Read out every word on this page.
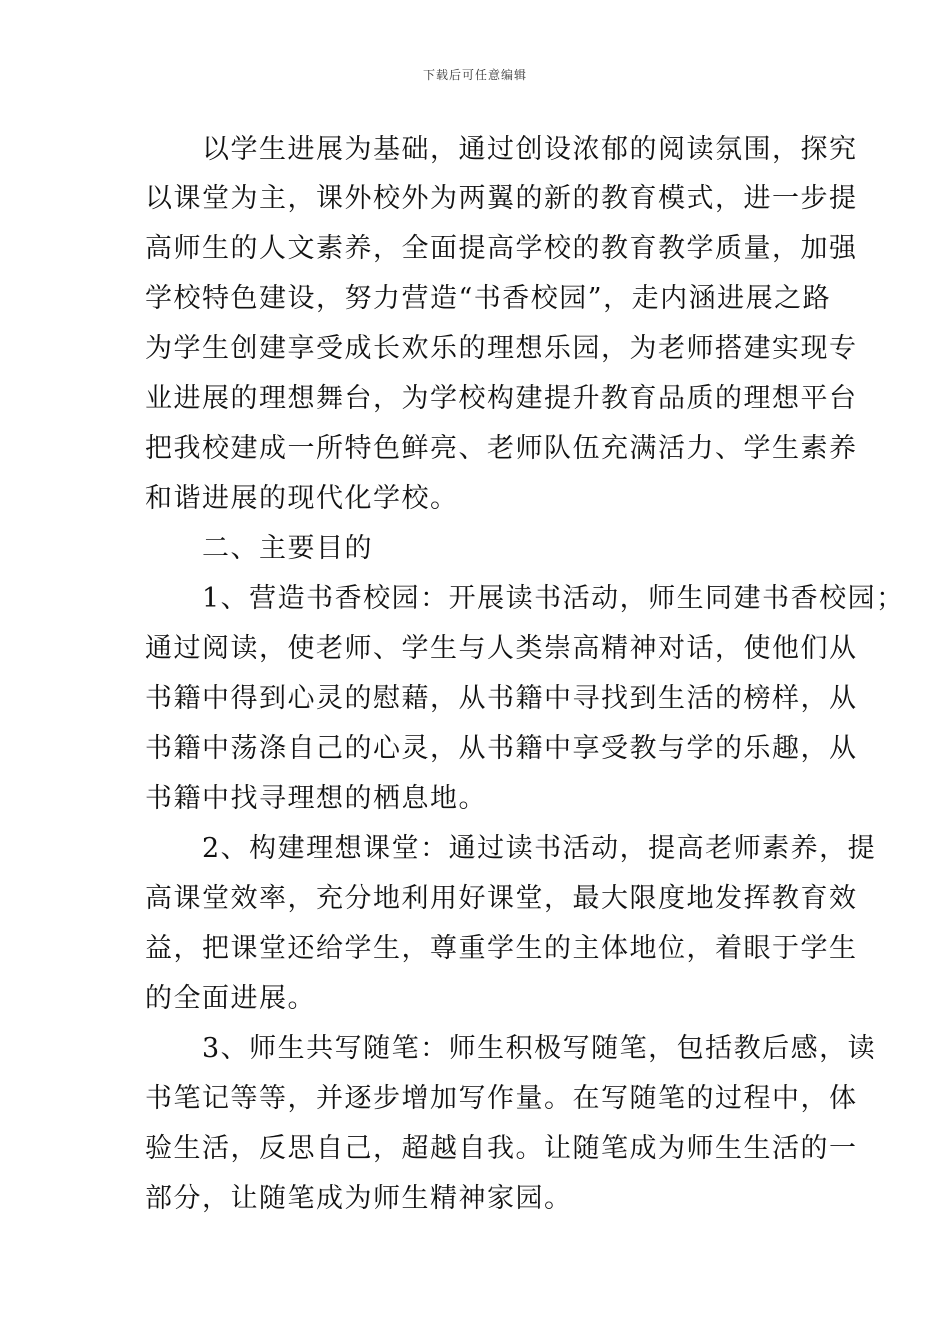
下载后可任意编辑
　　以学生进展为基础，通过创设浓郁的阅读氛围，探究
以课堂为主，课外校外为两翼的新的教育模式，进一步提
高师生的人文素养，全面提高学校的教育教学质量，加强
学校特色建设，努力营造“书香校园”，走内涵进展之路
为学生创建享受成长欢乐的理想乐园，为老师搭建实现专
业进展的理想舞台，为学校构建提升教育品质的理想平台
把我校建成一所特色鲜亮、老师队伍充满活力、学生素养
和谐进展的现代化学校。
　　二、主要目的
　　1、营造书香校园：开展读书活动，师生同建书香校园；
通过阅读，使老师、学生与人类崇高精神对话，使他们从
书籍中得到心灵的慰藉，从书籍中寻找到生活的榜样，从
书籍中荡涤自己的心灵，从书籍中享受教与学的乐趣，从
书籍中找寻理想的栖息地。
　　2、构建理想课堂：通过读书活动，提高老师素养，提
高课堂效率，充分地利用好课堂，最大限度地发挥教育效
益，把课堂还给学生，尊重学生的主体地位，着眼于学生
的全面进展。
　　3、师生共写随笔：师生积极写随笔，包括教后感，读
书笔记等等，并逐步增加写作量。在写随笔的过程中，体
验生活，反思自己，超越自我。让随笔成为师生生活的一
部分，让随笔成为师生精神家园。
